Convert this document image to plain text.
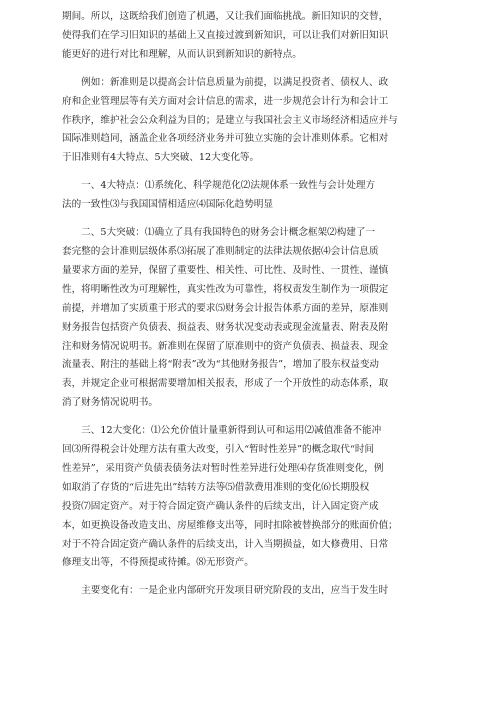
期间。所以，这既给我们创造了机遇，又让我们面临挑战。新旧知识的交替，
使得我们在学习旧知识的基础上又直接过渡到新知识，可以让我们对新旧知识
能更好的进行对比和理解，从而认识到新知识的新特点。
　　例如：新准则是以提高会计信息质量为前提，以满足投资者、债权人、政
府和企业管理层等有关方面对会计信息的需求，进一步规范会计行为和会计工
作秩序，维护社会公众利益为目的；是建立与我国社会主义市场经济相适应并与
国际准则趋同，涵盖企业各项经济业务并可独立实施的会计准则体系。它相对
于旧准则有4大特点、5大突破、12大变化等。
　　一、4大特点：⑴系统化、科学规范化⑵法规体系一致性与会计处理方
法的一致性⑶与我国国情相适应⑷国际化趋势明显
　　二、5大突破：⑴确立了具有我国特色的财务会计概念框架⑵构建了一
套完整的会计准则层级体系⑶拓展了准则制定的法律法规依据⑷会计信息质
量要求方面的差异，保留了重要性、相关性、可比性、及时性、一贯性、谨慎
性，将明晰性改为可理解性，真实性改为可靠性，将权责发生制作为一项假定
前提，并增加了实质重于形式的要求⑸财务会计报告体系方面的差异，原准则
财务报告包括资产负债表、损益表、财务状况变动表或现金流量表、附表及附
注和财务情况说明书。新准则在保留了原准则中的资产负债表、损益表、现金
流量表、附注的基础上将“附表”改为“其他财务报告”，增加了股东权益变动
表，并规定企业可根据需要增加相关报表，形成了一个开放性的动态体系，取
消了财务情况说明书。
　　三、12大变化：⑴公允价值计量重新得到认可和运用⑵减值准备不能冲
回⑶所得税会计处理方法有重大改变，引入“暂时性差异”的概念取代“时间
性差异”，采用资产负债表债务法对暂时性差异进行处理⑷存货准则变化，例
如取消了存货的“后进先出”结转方法等⑸借款费用准则的变化⑹长期股权
投资⑺固定资产。对于符合固定资产确认条件的后续支出，计入固定资产成
本，如更换设备改造支出、房屋维修支出等，同时扣除被替换部分的账面价值；
对于不符合固定资产确认条件的后续支出，计入当期损益，如大修费用、日常
修理支出等，不得预提或待摊。⑻无形资产。
　　主要变化有：一是企业内部研究开发项目研究阶段的支出，应当于发生时
